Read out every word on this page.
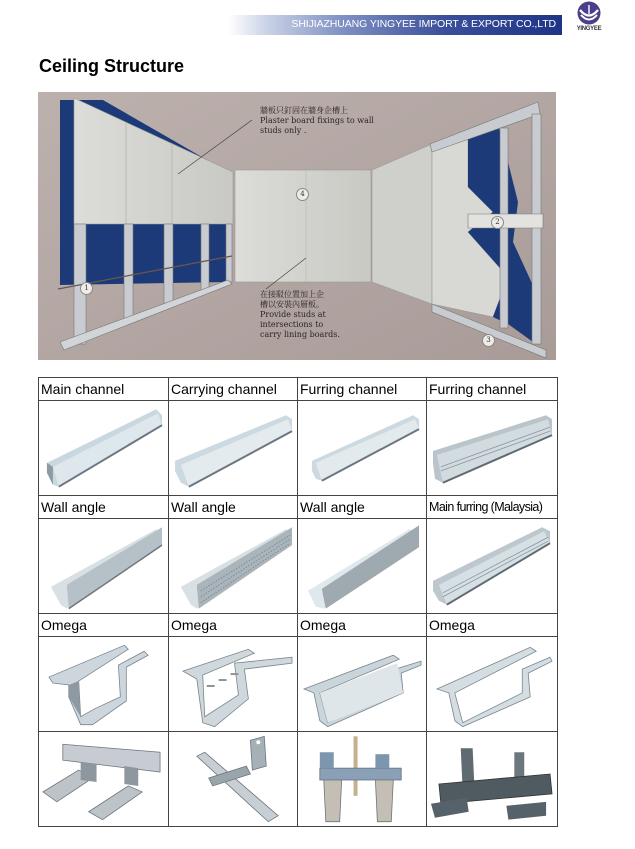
SHIJIAZHUANG YINGYEE IMPORT & EXPORT CO.,LTD	YINGYEE
Ceiling Structure
牆板只釘固在牆身企槽上
Plaster board fixings to wall
studs only .
在接駁位置加上企
槽以安裝內層板。
Provide studs at
intersections to
carry lining boards.
1
2
3
4
Main channel	Carrying channel	Furring channel	Furring channel

Wall angle	Wall angle	Wall angle	Main furring (Malaysia)

Omega	Omega	Omega	Omega
